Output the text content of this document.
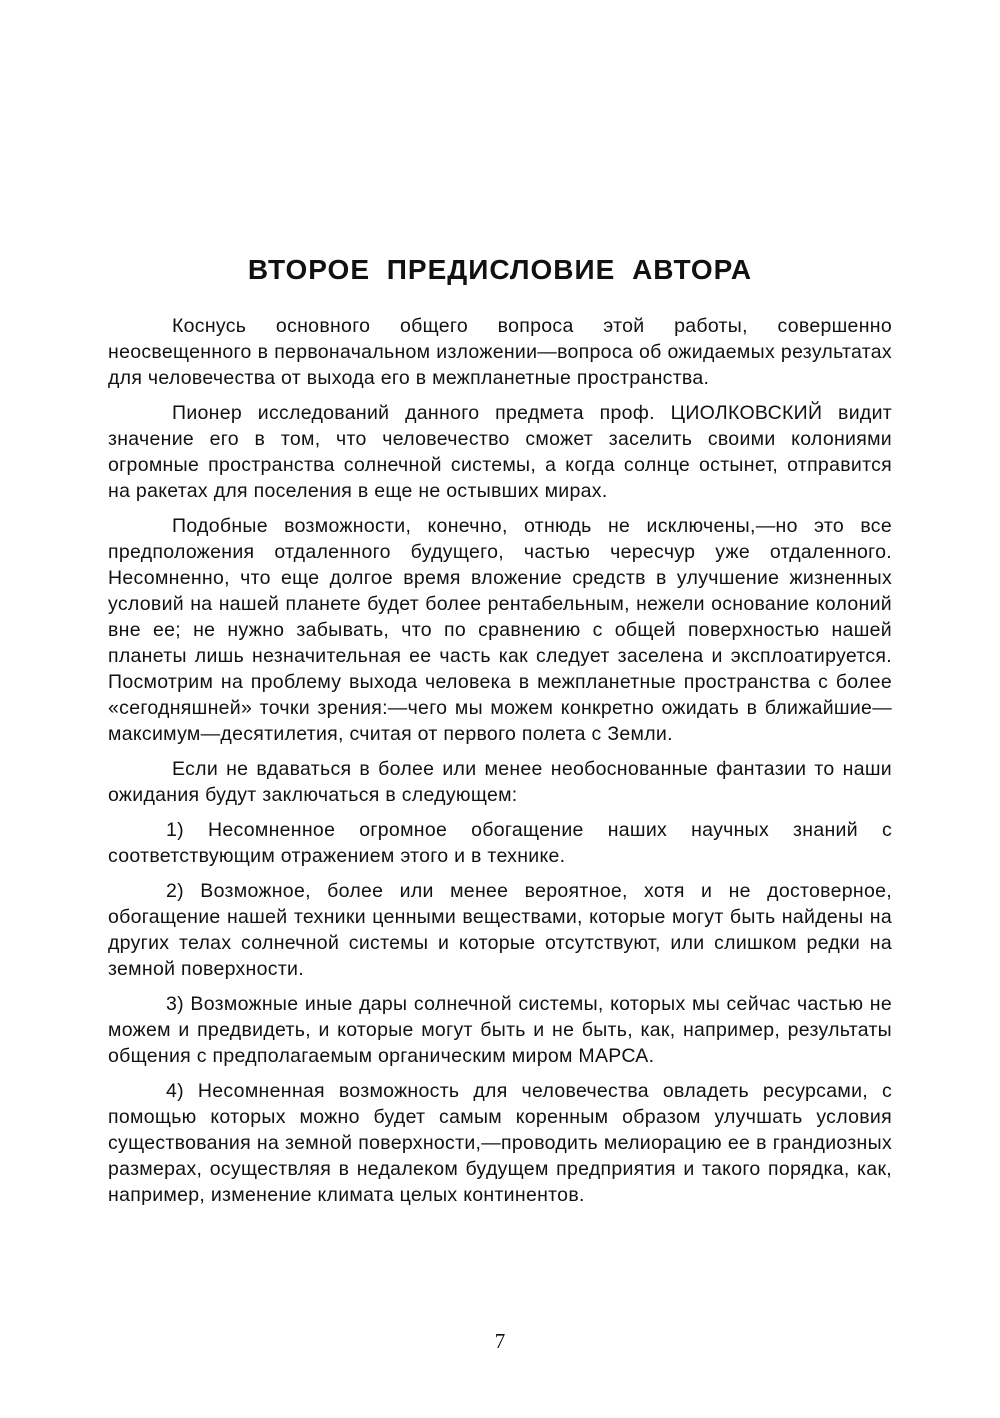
ВТОРОЕ ПРЕДИСЛОВИЕ АВТОРА

Коснусь основного общего вопроса этой работы, совершенно неосвещенного в первоначальном изложении—вопроса об ожидаемых результатах для человечества от выхода его в межпланетные пространства.

Пионер исследований данного предмета проф. ЦИОЛКОВСКИЙ видит значение его в том, что человечество сможет заселить своими колониями огромные пространства солнечной системы, а когда солнце остынет, отправится на ракетах для поселения в еще не остывших мирах.

Подобные возможности, конечно, отнюдь не исключены,—но это все предположения отдаленного будущего, частью чересчур уже отдаленного. Несомненно, что еще долгое время вложение средств в улучшение жизненных условий на нашей планете будет более рентабельным, нежели основание колоний вне ее; не нужно забывать, что по сравнению с общей поверхностью нашей планеты лишь незначительная ее часть как следует заселена и эксплоатируется. Посмотрим на проблему выхода человека в межпланетные пространства с более «сегодняшней» точки зрения:—чего мы можем конкретно ожидать в ближайшие—максимум—десятилетия, считая от первого полета с Земли.

Если не вдаваться в более или менее необоснованные фантазии то наши ожидания будут заключаться в следующем:

1) Несомненное огромное обогащение наших научных знаний с соответствующим отражением этого и в технике.

2) Возможное, более или менее вероятное, хотя и не достоверное, обогащение нашей техники ценными веществами, которые могут быть найдены на других телах солнечной системы и которые отсутствуют, или слишком редки на земной поверхности.

3) Возможные иные дары солнечной системы, которых мы сейчас частью не можем и предвидеть, и которые могут быть и не быть, как, например, результаты общения с предполагаемым органическим миром МАРСА.

4) Несомненная возможность для человечества овладеть ресурсами, с помощью которых можно будет самым коренным образом улучшать условия существования на земной поверхности,—проводить мелиорацию ее в грандиозных размерах, осуществляя в недалеком будущем предприятия и такого порядка, как, например, изменение климата целых континентов.

7
